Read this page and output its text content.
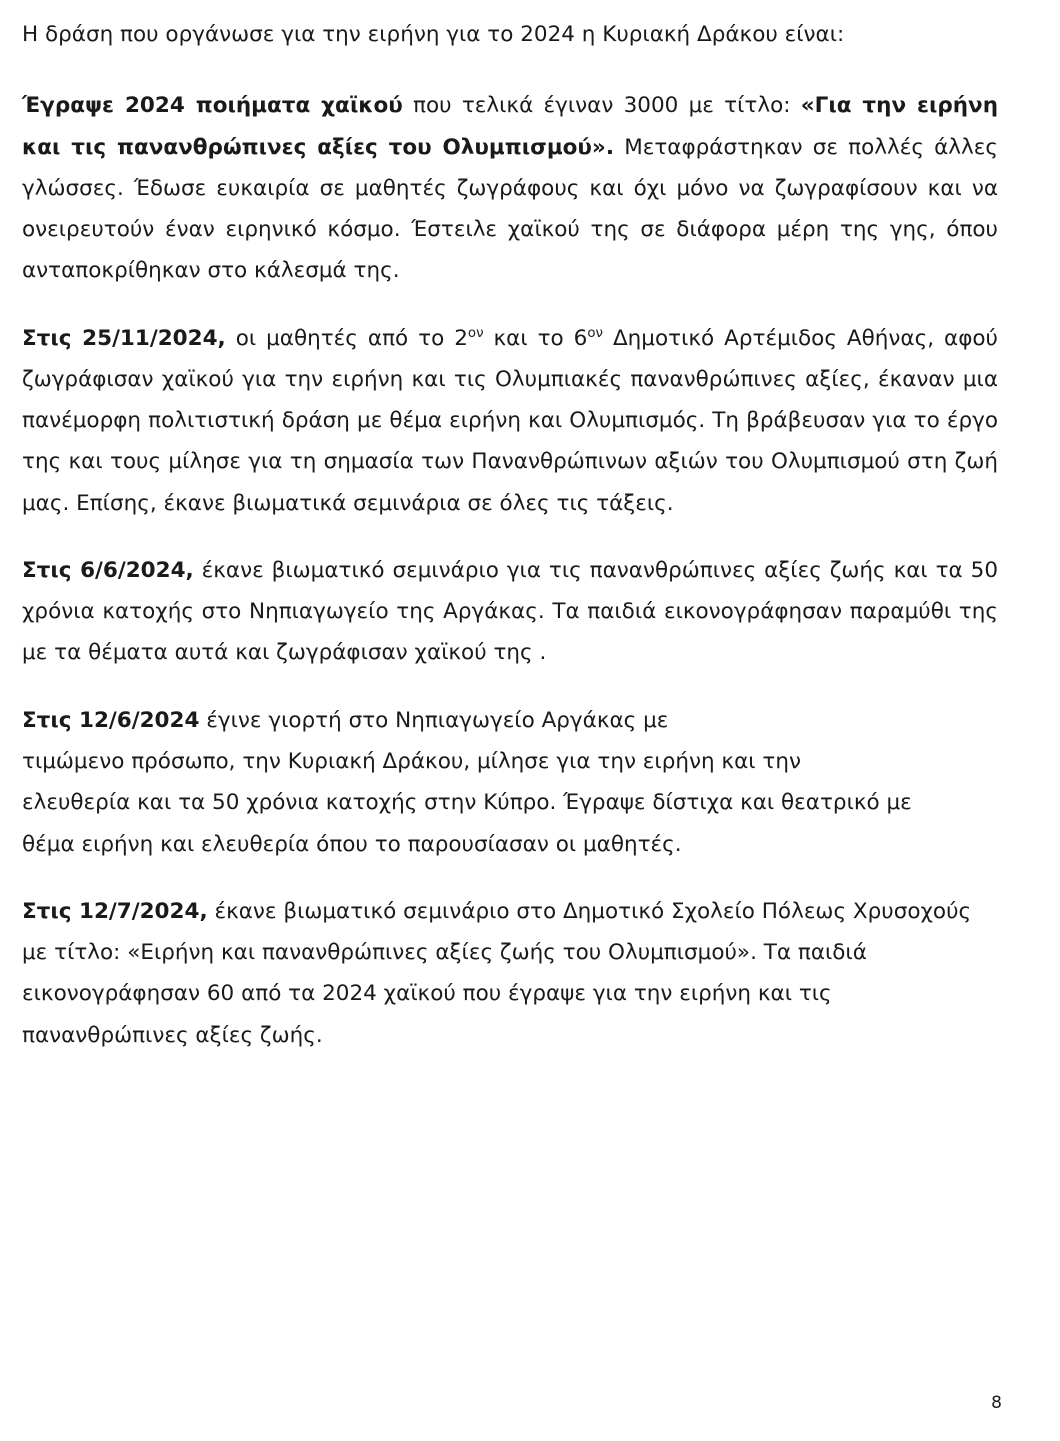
Η δράση που οργάνωσε για την ειρήνη για το 2024 η Κυριακή Δράκου είναι:

Έγραψε 2024 ποιήματα χαϊκού που τελικά έγιναν 3000 με τίτλο: «Για την ειρήνη και τις πανανθρώπινες αξίες του Ολυμπισμού». Μεταφράστηκαν σε πολλές άλλες γλώσσες. Έδωσε ευκαιρία σε μαθητές ζωγράφους και όχι μόνο να ζωγραφίσουν και να ονειρευτούν έναν ειρηνικό κόσμο. Έστειλε χαϊκού της σε διάφορα μέρη της γης, όπου ανταποκρίθηκαν στο κάλεσμά της.

Στις 25/11/2024, οι μαθητές από το $2^{o\nu}$ και το $6^{o\nu}$ Δημοτικό Αρτέμιδος Αθήνας, αφού ζωγράφισαν χαϊκού για την ειρήνη και τις Ολυμπιακές πανανθρώπινες αξίες, έκαναν μια πανέμορφη πολιτιστική δράση με θέμα ειρήνη και Ολυμπισμός. Τη βράβευσαν για το έργο της και τους μίλησε για τη σημασία των Πανανθρώπινων αξιών του Ολυμπισμού στη ζωή μας. Επίσης, έκανε βιωματικά σεμινάρια σε όλες τις τάξεις.

Στις 6/6/2024, έκανε βιωματικό σεμινάριο για τις πανανθρώπινες αξίες ζωής και τα 50 χρόνια κατοχής στο Νηπιαγωγείο της Αργάκας. Τα παιδιά εικονογράφησαν παραμύθι της με τα θέματα αυτά και ζωγράφισαν χαϊκού της .

Στις 12/6/2024 έγινε γιορτή στο Νηπιαγωγείο Αργάκας με
τιμώμενο πρόσωπο, την Κυριακή Δράκου, μίλησε για την ειρήνη και την
ελευθερία και τα 50 χρόνια κατοχής στην Κύπρο. Έγραψε δίστιχα και θεατρικό με
θέμα ειρήνη και ελευθερία όπου το παρουσίασαν οι μαθητές.

Στις 12/7/2024, έκανε βιωματικό σεμινάριο στο Δημοτικό Σχολείο Πόλεως Χρυσοχούς
με τίτλο: «Ειρήνη και πανανθρώπινες αξίες ζωής του Ολυμπισμού». Τα παιδιά εικονογράφησαν 60 από τα 2024 χαϊκού που έγραψε για την ειρήνη και τις πανανθρώπινες αξίες ζωής.

8
